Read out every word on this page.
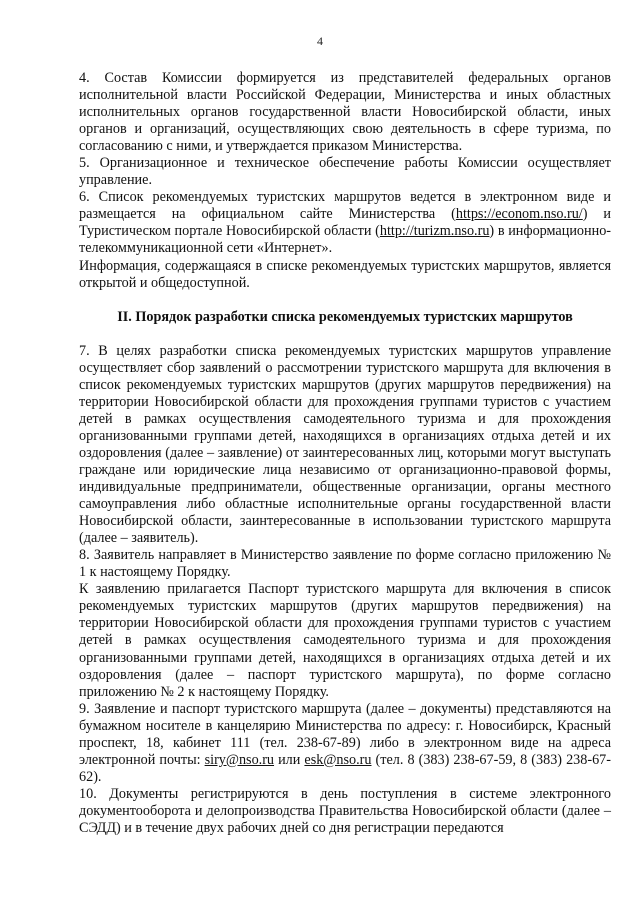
4

4. Состав Комиссии формируется из представителей федеральных органов исполнительной власти Российской Федерации, Министерства и иных областных исполнительных органов государственной власти Новосибирской области, иных органов и организаций, осуществляющих свою деятельность в сфере туризма, по согласованию с ними, и утверждается приказом Министерства.

5. Организационное и техническое обеспечение работы Комиссии осуществляет управление.

6. Список рекомендуемых туристских маршрутов ведется в электронном виде и размещается на официальном сайте Министерства (https://econom.nso.ru/) и Туристическом портале Новосибирской области (http://turizm.nso.ru) в информационно-телекоммуникационной сети «Интернет».

Информация, содержащаяся в списке рекомендуемых туристских маршрутов, является открытой и общедоступной.

II. Порядок разработки списка рекомендуемых туристских маршрутов

7. В целях разработки списка рекомендуемых туристских маршрутов управление осуществляет сбор заявлений о рассмотрении туристского маршрута для включения в список рекомендуемых туристских маршрутов (других маршрутов передвижения) на территории Новосибирской области для прохождения группами туристов с участием детей в рамках осуществления самодеятельного туризма и для прохождения организованными группами детей, находящихся в организациях отдыха детей и их оздоровления (далее – заявление) от заинтересованных лиц, которыми могут выступать граждане или юридические лица независимо от организационно-правовой формы, индивидуальные предприниматели, общественные организации, органы местного самоуправления либо областные исполнительные органы государственной власти Новосибирской области, заинтересованные в использовании туристского маршрута (далее – заявитель).

8. Заявитель направляет в Министерство заявление по форме согласно приложению № 1 к настоящему Порядку.

К заявлению прилагается Паспорт туристского маршрута для включения в список рекомендуемых туристских маршрутов (других маршрутов передвижения) на территории Новосибирской области для прохождения группами туристов с участием детей в рамках осуществления самодеятельного туризма и для прохождения организованными группами детей, находящихся в организациях отдыха детей и их оздоровления (далее – паспорт туристского маршрута), по форме согласно приложению № 2 к настоящему Порядку.

9. Заявление и паспорт туристского маршрута (далее – документы) представляются на бумажном носителе в канцелярию Министерства по адресу: г. Новосибирск, Красный проспект, 18, кабинет 111 (тел. 238-67-89) либо в электронном виде на адреса электронной почты: siry@nso.ru или esk@nso.ru (тел. 8 (383) 238-67-59, 8 (383) 238-67-62).

10. Документы регистрируются в день поступления в системе электронного документооборота и делопроизводства Правительства Новосибирской области (далее – СЭДД) и в течение двух рабочих дней со дня регистрации передаются
